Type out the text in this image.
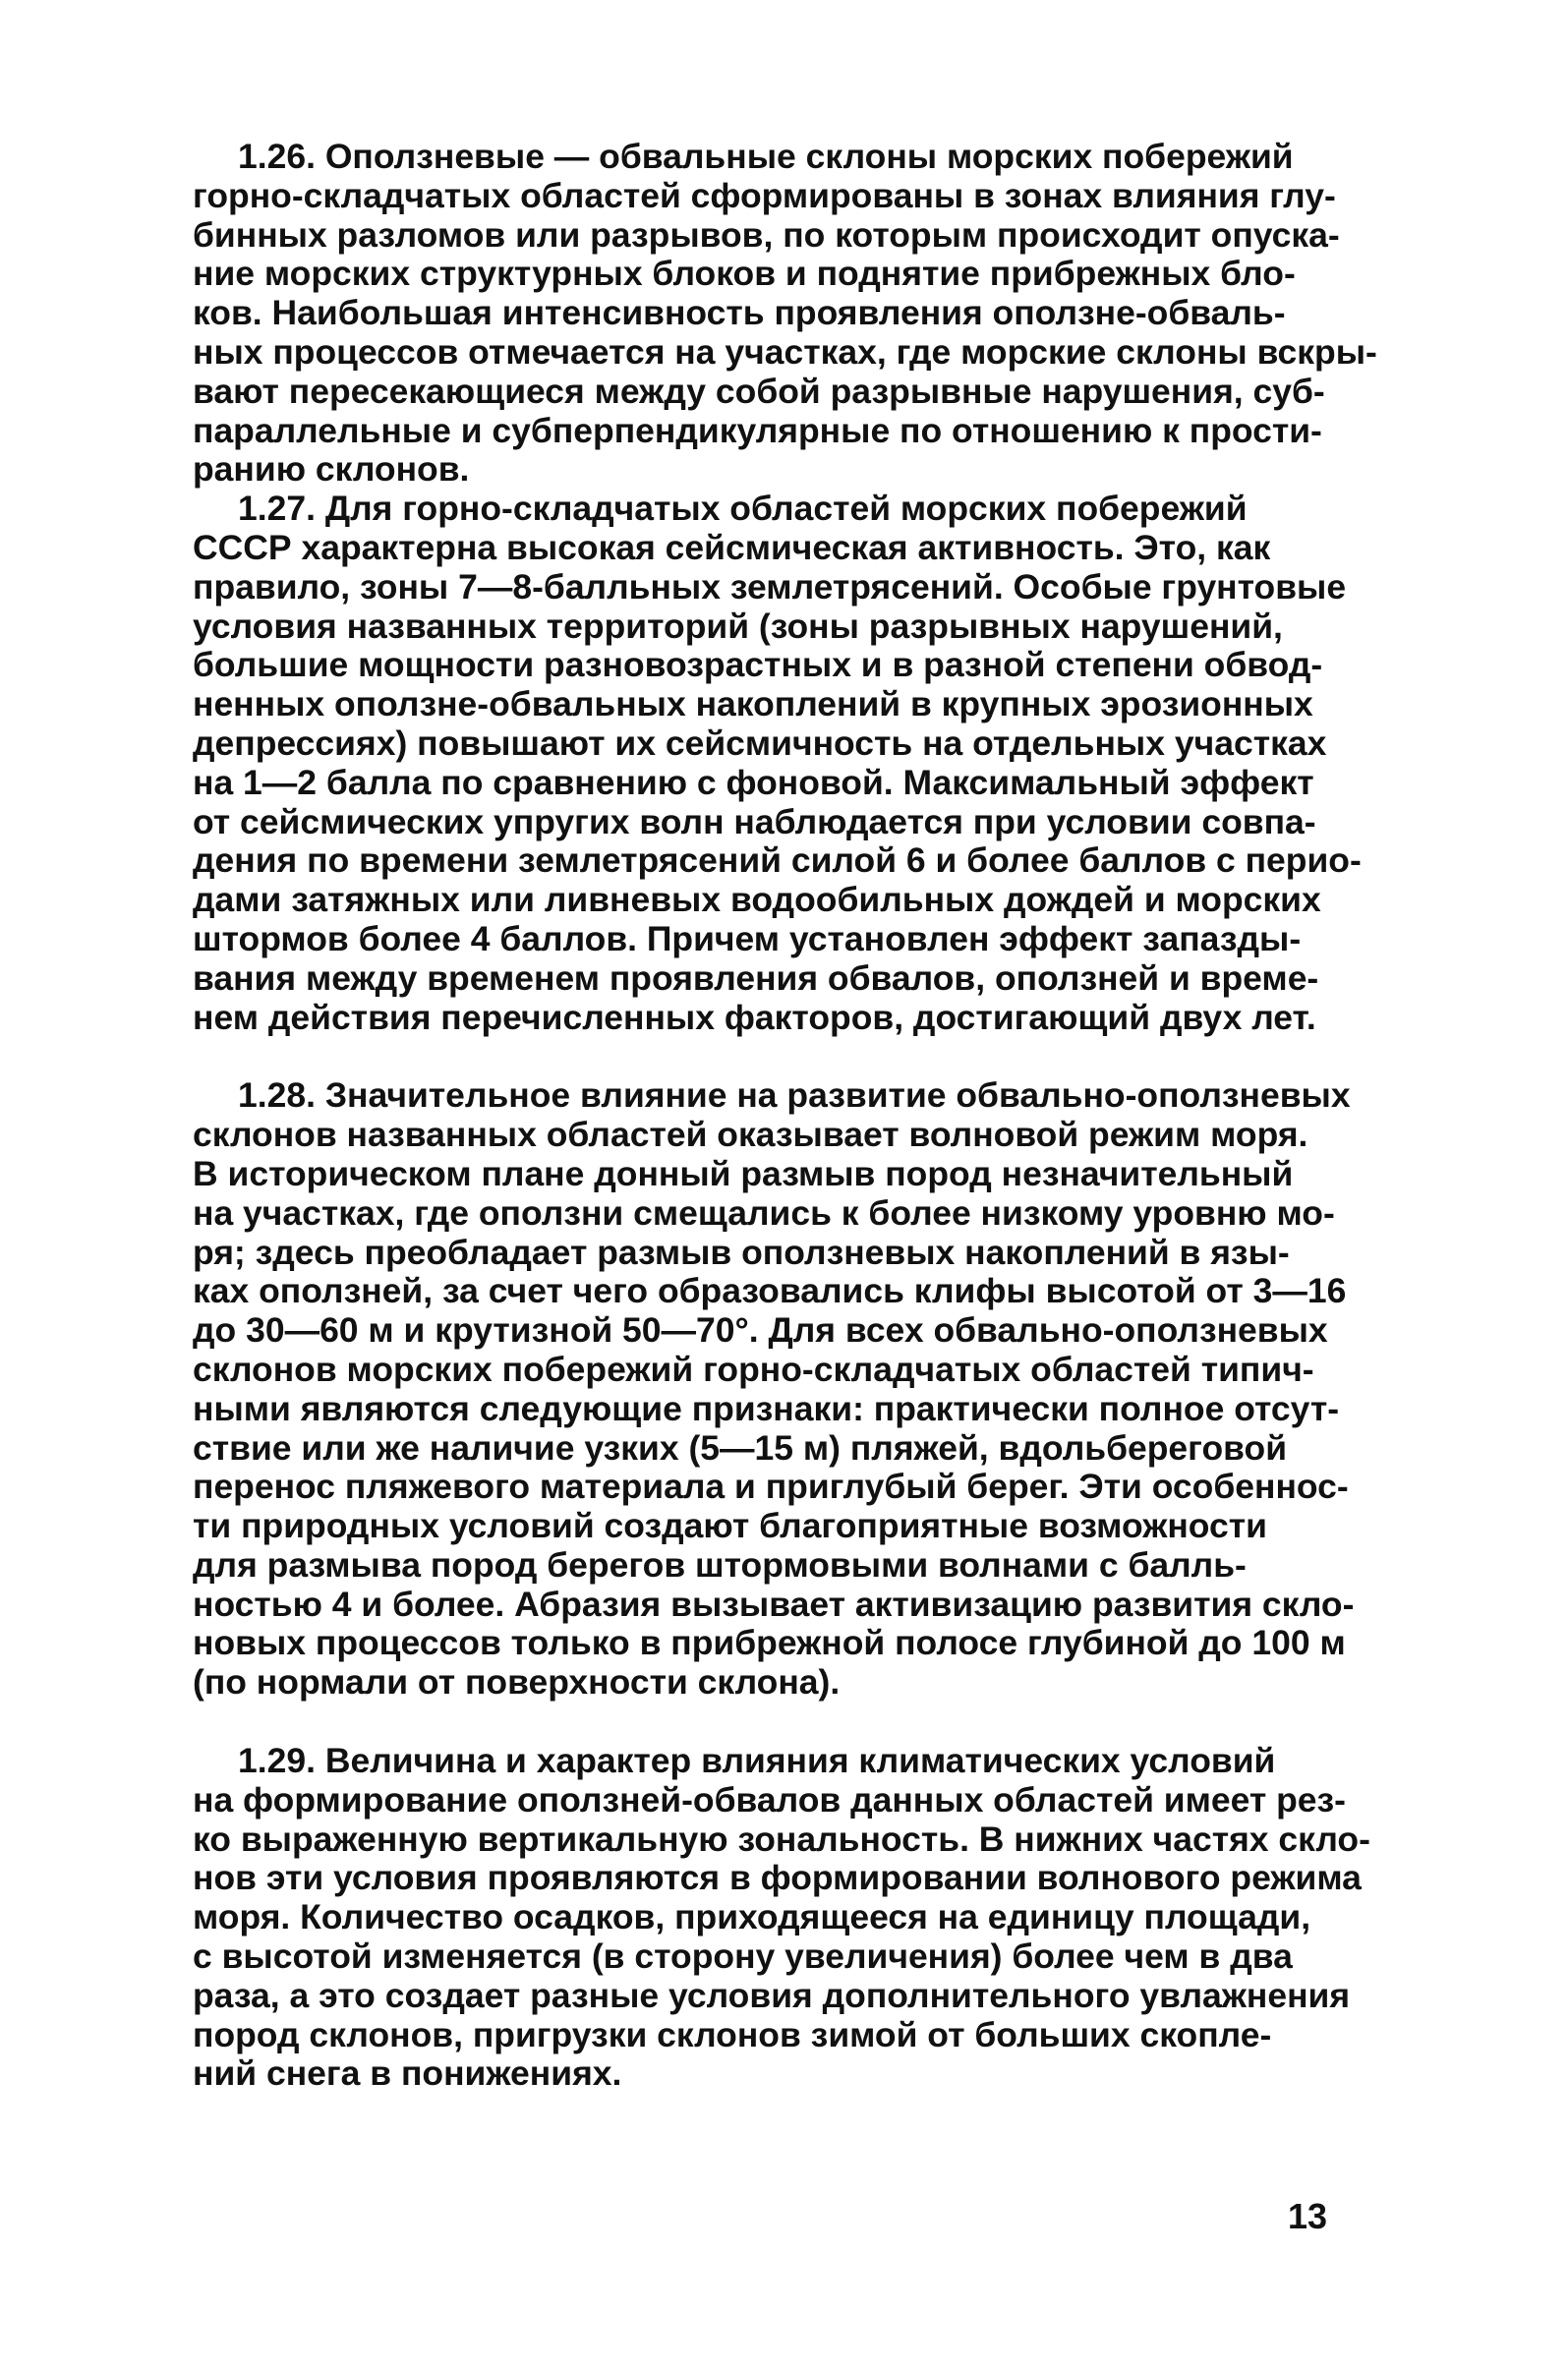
1.26. Оползневые — обвальные склоны морских побережий
горно-складчатых областей сформированы в зонах влияния глу-
бинных разломов или разрывов, по которым происходит опуска-
ние морских структурных блоков и поднятие прибрежных бло-
ков. Наибольшая интенсивность проявления оползне-обваль-
ных процессов отмечается на участках, где морские склоны вскры-
вают пересекающиеся между собой разрывные нарушения, суб-
параллельные и субперпендикулярные по отношению к прости-
ранию склонов.
1.27. Для горно-складчатых областей морских побережий
СССР характерна высокая сейсмическая активность. Это, как
правило, зоны 7—8-балльных землетрясений. Особые грунтовые
условия названных территорий (зоны разрывных нарушений,
большие мощности разновозрастных и в разной степени обвод-
ненных оползне-обвальных накоплений в крупных эрозионных
депрессиях) повышают их сейсмичность на отдельных участках
на 1—2 балла по сравнению с фоновой. Максимальный эффект
от сейсмических упругих волн наблюдается при условии совпа-
дения по времени землетрясений силой 6 и более баллов с перио-
дами затяжных или ливневых водообильных дождей и морских
штормов более 4 баллов. Причем установлен эффект запазды-
вания между временем проявления обвалов, оползней и време-
нем действия перечисленных факторов, достигающий двух лет.
1.28. Значительное влияние на развитие обвально-оползневых
склонов названных областей оказывает волновой режим моря.
В историческом плане донный размыв пород незначительный
на участках, где оползни смещались к более низкому уровню мо-
ря; здесь преобладает размыв оползневых накоплений в язы-
ках оползней, за счет чего образовались клифы высотой от 3—16
до 30—60 м и крутизной 50—70°. Для всех обвально-оползневых
склонов морских побережий горно-складчатых областей типич-
ными являются следующие признаки: практически полное отсут-
ствие или же наличие узких (5—15 м) пляжей, вдольбереговой
перенос пляжевого материала и приглубый берег. Эти особеннос-
ти природных условий создают благоприятные возможности
для размыва пород берегов штормовыми волнами с балль-
ностью 4 и более. Абразия вызывает активизацию развития скло-
новых процессов только в прибрежной полосе глубиной до 100 м
(по нормали от поверхности склона).
1.29. Величина и характер влияния климатических условий
на формирование оползней-обвалов данных областей имеет рез-
ко выраженную вертикальную зональность. В нижних частях скло-
нов эти условия проявляются в формировании волнового режима
моря. Количество осадков, приходящееся на единицу площади,
с высотой изменяется (в сторону увеличения) более чем в два
раза, а это создает разные условия дополнительного увлажнения
пород склонов, пригрузки склонов зимой от больших скопле-
ний снега в понижениях.
13
